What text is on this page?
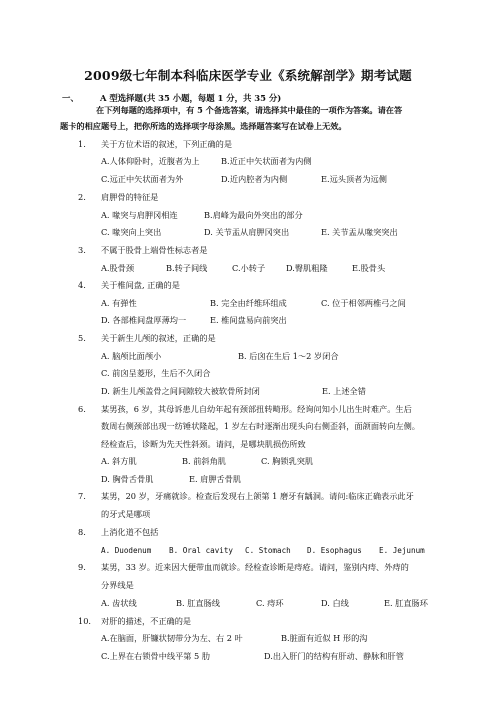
2009级七年制本科临床医学专业《系统解剖学》期考试题
一、	A 型选择题(共 35 小题，每题 1 分，共 35 分)
在下列每题的选择项中，有 5 个备选答案，请选择其中最佳的一项作为答案。请在答
题卡的相应题号上，把你所选的选择项字母涂黑。选择题答案写在试卷上无效。
1. 关于方位术语的叙述，下列正确的是
A.人体仰卧时，近腹者为上	B.近正中矢状面者为内侧
C.远正中矢状面者为外	D.近内腔者为内侧	E.远头顶者为远侧
2. 肩胛骨的特征是
A. 喙突与肩胛冈相连	B.肩峰为最向外突出的部分
C. 喙突向上突出	D. 关节盂从肩胛冈突出	E. 关节盂从喙突突出
3. 不属于股骨上端骨性标志者是
A.股骨颈	B.转子间线	C.小转子	D.臀肌粗隆	E.股骨头
4. 关于椎间盘, 正确的是
A. 有弹性	B. 完全由纤维环组成	C. 位于相邻两椎弓之间
D. 各部椎间盘厚薄均一	E. 椎间盘易向前突出
5. 关于新生儿颅的叙述，正确的是
A. 脑颅比面颅小	B. 后囟在生后 1～2 岁闭合
C. 前囟呈菱形，生后不久闭合
D. 新生儿颅盖骨之间间隙较大被软骨所封闭	E. 上述全错
6. 某男孩，6 岁，其母诉患儿自幼年起有颈部扭转畸形。经询问知小儿出生时难产。生后
数周右侧颈部出现一纺锤状隆起，1 岁左右时逐渐出现头向右侧歪斜，面颌面转向左侧。
经检查后，诊断为先天性斜颈。请问，是哪块肌损伤所致
A. 斜方肌	B. 前斜角肌	C. 胸锁乳突肌
D. 胸骨舌骨肌	E. 肩胛舌骨肌
7. 某男，20 岁，牙痛就诊。检查后发现右上颌第 1 磨牙有龋洞。请问:临床正确表示此牙
的牙式是哪项
8. 上消化道不包括
A. Duodenum B. Oral cavity C. Stomach D. Esophagus E. Jejunum
9. 某男，33 岁。近来因大便带血而就诊。经检查诊断是痔疮。请问，鉴别内痔、外痔的
分界线是
A. 齿状线	B. 肛直肠线	C. 痔环	D. 白线	E. 肛直肠环
10. 对肝的描述，不正确的是
A.在脑面，肝镰状韧带分为左、右 2 叶	B.脏面有近似 H 形的沟
C.上界在右锁骨中线平第 5 肋	D.出入肝门的结构有肝动、静脉和肝管
